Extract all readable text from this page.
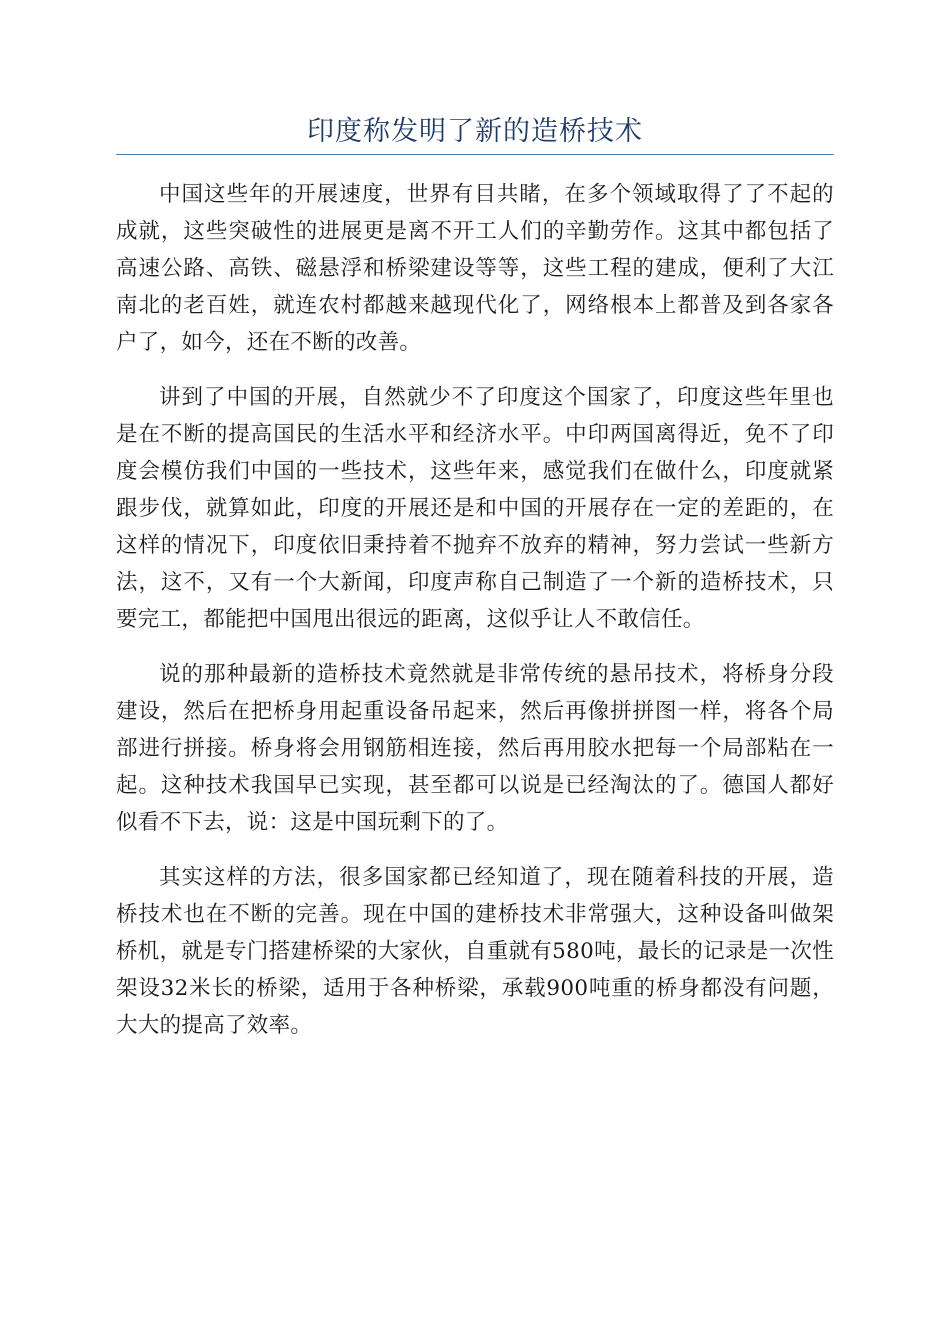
印度称发明了新的造桥技术

中国这些年的开展速度，世界有目共睹，在多个领域取得了了不起的成就，这些突破性的进展更是离不开工人们的辛勤劳作。这其中都包括了高速公路、高铁、磁悬浮和桥梁建设等等，这些工程的建成，便利了大江南北的老百姓，就连农村都越来越现代化了，网络根本上都普及到各家各户了，如今，还在不断的改善。

讲到了中国的开展，自然就少不了印度这个国家了，印度这些年里也是在不断的提高国民的生活水平和经济水平。中印两国离得近，免不了印度会模仿我们中国的一些技术，这些年来，感觉我们在做什么，印度就紧跟步伐，就算如此，印度的开展还是和中国的开展存在一定的差距的，在这样的情况下，印度依旧秉持着不抛弃不放弃的精神，努力尝试一些新方法，这不，又有一个大新闻，印度声称自己制造了一个新的造桥技术，只要完工，都能把中国甩出很远的距离，这似乎让人不敢信任。

说的那种最新的造桥技术竟然就是非常传统的悬吊技术，将桥身分段建设，然后在把桥身用起重设备吊起来，然后再像拼拼图一样，将各个局部进行拼接。桥身将会用钢筋相连接，然后再用胶水把每一个局部粘在一起。这种技术我国早已实现，甚至都可以说是已经淘汰的了。德国人都好似看不下去，说：这是中国玩剩下的了。

其实这样的方法，很多国家都已经知道了，现在随着科技的开展，造桥技术也在不断的完善。现在中国的建桥技术非常强大，这种设备叫做架桥机，就是专门搭建桥梁的大家伙，自重就有580吨，最长的记录是一次性架设32米长的桥梁，适用于各种桥梁，承载900吨重的桥身都没有问题，大大的提高了效率。
